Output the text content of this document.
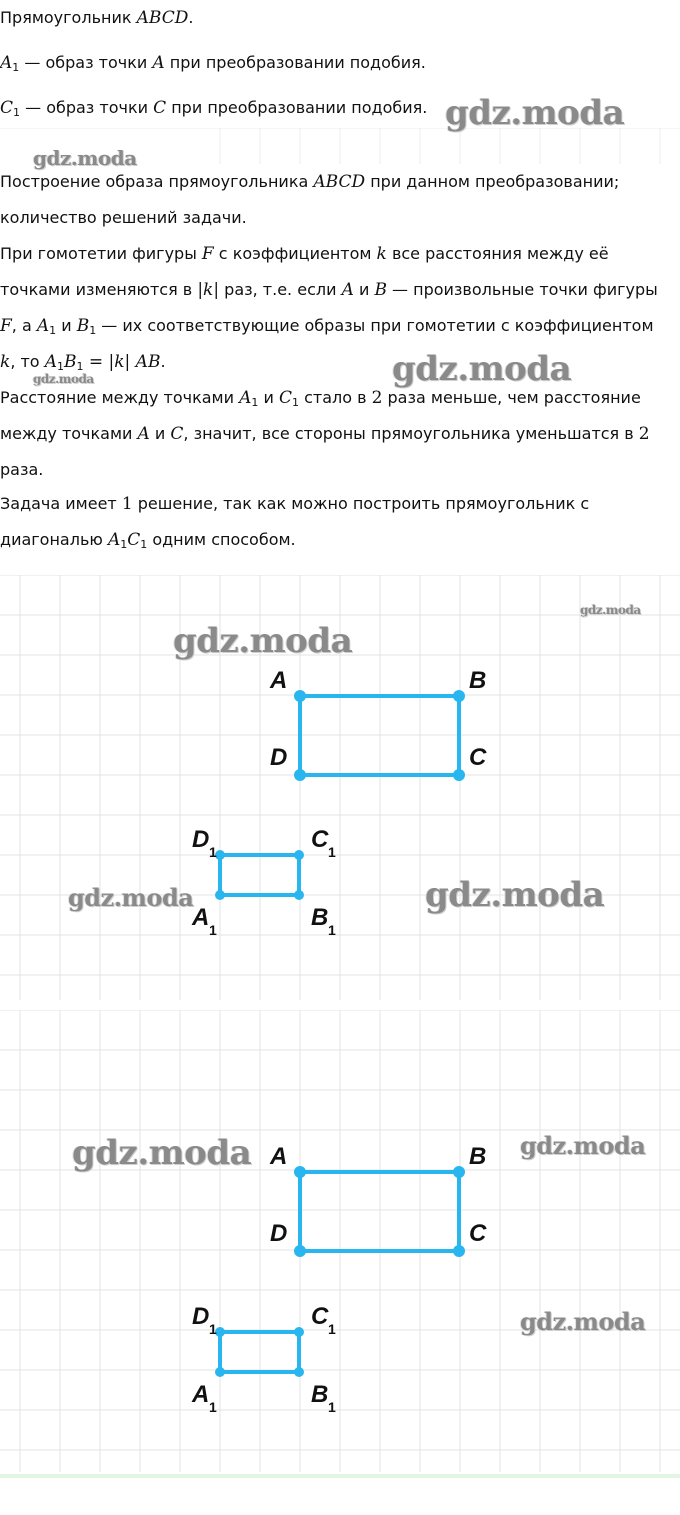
Прямоугольник ABCD.
$A_1$ — образ точки A при преобразовании подобия.
$C_1$ — образ точки C при преобразовании подобия.
Построение образа прямоугольника ABCD при данном преобразовании;
количество решений задачи.
При гомотетии фигуры F с коэффициентом k все расстояния между её
точками изменяются в |k| раз, т.е. если A и B — произвольные точки фигуры
F, а $A_1$ и $B_1$ — их соответствующие образы при гомотетии с коэффициентом
k, то $A_1B_1 = |k|$ AB.
Расстояние между точками $A_1$ и $C_1$ стало в 2 раза меньше, чем расстояние
между точками A и C, значит, все стороны прямоугольника уменьшатся в 2
раза.
Задача имеет 1 решение, так как можно построить прямоугольник с
диагональю $A_1C_1$ одним способом.
A	B
C
D
D 1	C 1
A 1	B 1
A	B
C
D
D 1	C 1
A 1	B 1
gdz.moda
gdz.moda
gdz.moda
gdz.moda
gdz.moda
gdz.moda
gdz.moda	gdz.moda
gdz.moda	gdz.moda
gdz.moda
